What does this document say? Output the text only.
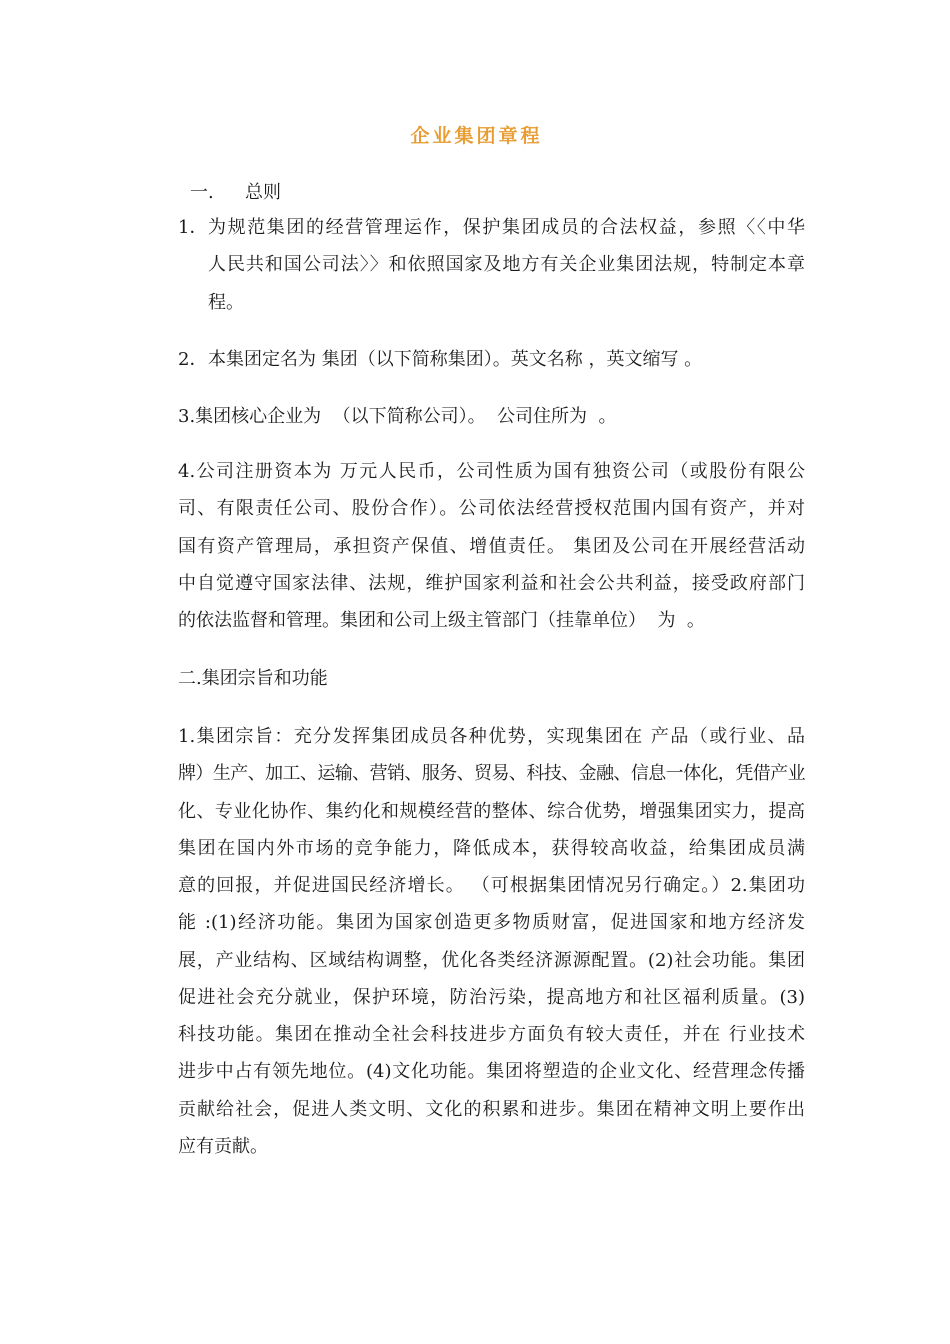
企业集团章程
一. 总则
1． 为规范集团的经营管理运作，保护集团成员的合法权益，参照〈〈中华
人民共和国公司法〉〉和依照国家及地方有关企业集团法规，特制定本章
程。
2． 本集团定名为 集团（以下简称集团）。英文名称 ，英文缩写 。
3.集团核心企业为  （以下简称公司）。  公司住所为  。
4.公司注册资本为 万元人民币，公司性质为国有独资公司（或股份有限公
司、有限责任公司、股份合作）。公司依法经营授权范围内国有资产，并对
国有资产管理局，承担资产保值、增值责任。 集团及公司在开展经营活动
中自觉遵守国家法律、法规，维护国家利益和社会公共利益，接受政府部门
的依法监督和管理。集团和公司上级主管部门（挂靠单位）  为  。
二.集团宗旨和功能
1.集团宗旨：充分发挥集团成员各种优势，实现集团在 产品（或行业、品
牌）生产、加工、运输、营销、服务、贸易、科技、金融、信息一体化，凭借产业
化、专业化协作、集约化和规模经营的整体、综合优势，增强集团实力，提高
集团在国内外市场的竞争能力，降低成本，获得较高收益，给集团成员满
意的回报，并促进国民经济增长。 （可根据集团情况另行确定。）2.集团功
能 :(1)经济功能。集团为国家创造更多物质财富，促进国家和地方经济发
展，产业结构、区域结构调整，优化各类经济源源配置。(2)社会功能。集团
促进社会充分就业，保护环境，防治污染，提高地方和社区福利质量。(3)
科技功能。集团在推动全社会科技进步方面负有较大责任，并在 行业技术
进步中占有领先地位。(4)文化功能。集团将塑造的企业文化、经营理念传播
贡献给社会，促进人类文明、文化的积累和进步。集团在精神文明上要作出
应有贡献。
